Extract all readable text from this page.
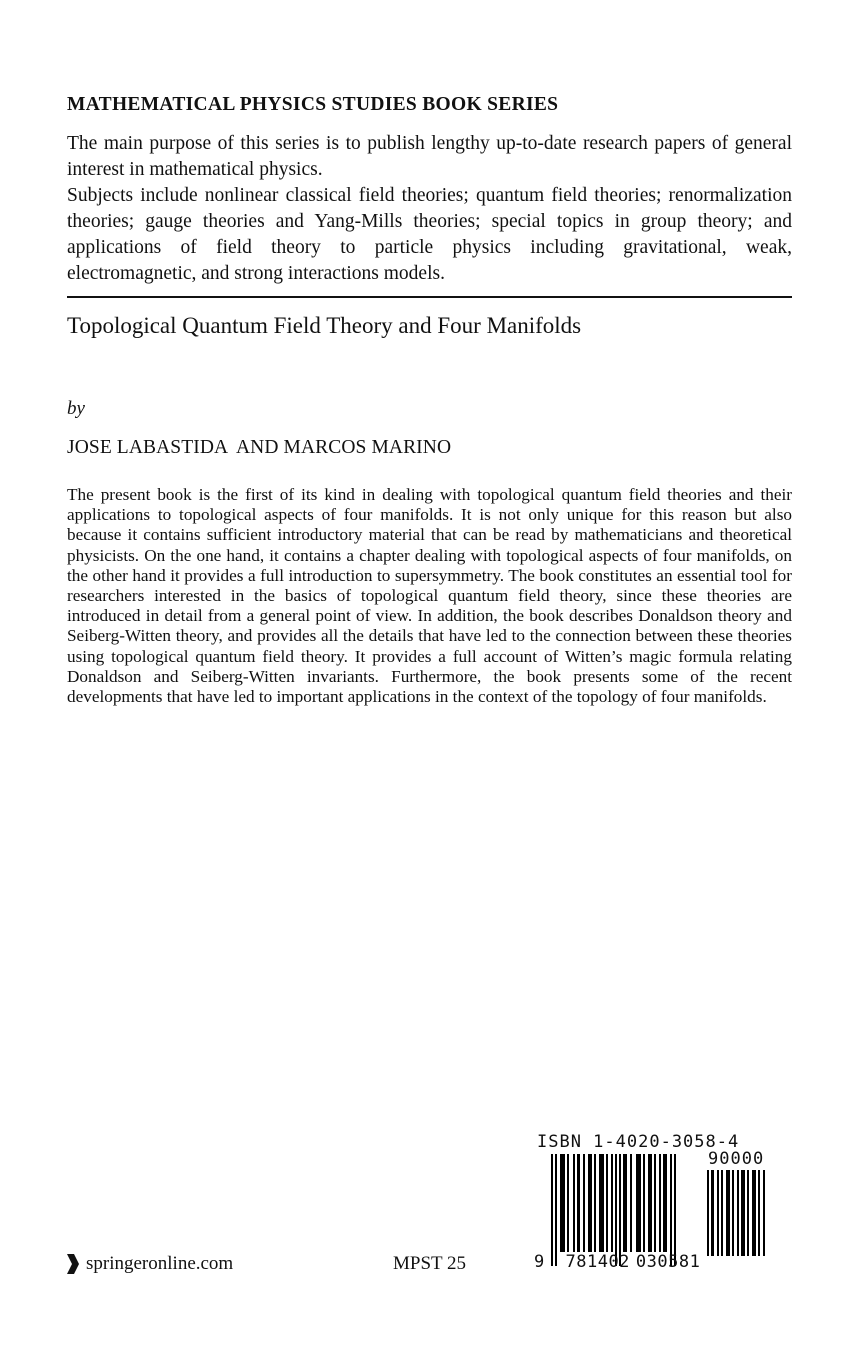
MATHEMATICAL PHYSICS STUDIES BOOK SERIES

The main purpose of this series is to publish lengthy up-to-date research papers of general interest in mathematical physics.

Subjects include nonlinear classical field theories; quantum field theories; renormalization theories; gauge theories and Yang-Mills theories; special topics in group theory; and applications of field theory to particle physics including gravitational, weak, electromagnetic, and strong interactions models.

Topological Quantum Field Theory and Four Manifolds
by
JOSE LABASTIDA  AND MARCOS MARINO
The present book is the first of its kind in dealing with topological quantum field theories and their applications to topological aspects of four manifolds. It is not only unique for this reason but also because it contains sufficient introductory material that can be read by mathematicians and theoretical physicists. On the one hand, it contains a chapter dealing with topological aspects of four manifolds, on the other hand it provides a full introduction to supersymmetry. The book constitutes an essential tool for researchers interested in the basics of topological quantum field theory, since these theories are introduced in detail from a general point of view. In addition, the book describes Donaldson theory and Seiberg-Witten theory, and provides all the details that have led to the connection between these theories using topological quantum field theory. It provides a full account of Witten’s magic formula relating Donaldson and Seiberg-Witten invariants. Furthermore, the book presents some of the recent developments that have led to important applications in the context of the topology of four manifolds.
ISBN 1-4020-3058-4
90000
9 781402 030581
springeronline.com	MPST 25
